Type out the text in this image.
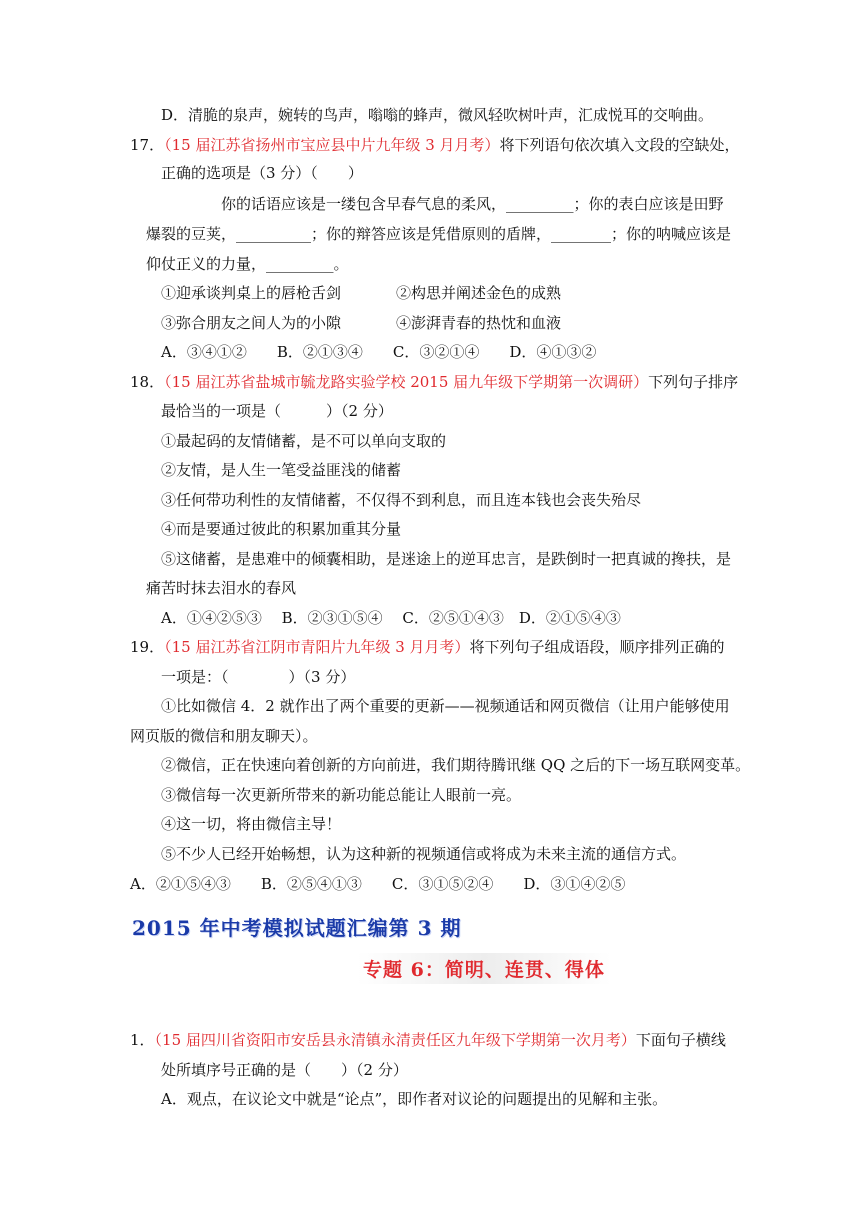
D．清脆的泉声，婉转的鸟声，嗡嗡的蜂声，微风轻吹树叶声，汇成悦耳的交响曲。
17．（15 届江苏省扬州市宝应县中片九年级 3 月月考）将下列语句依次填入文段的空缺处，
正确的选项是（3 分）（　　）
你的话语应该是一缕包含早春气息的柔风，_________；你的表白应该是田野
爆裂的豆荚，__________；你的辩答应该是凭借原则的盾牌，________；你的呐喊应该是
仰仗正义的力量，_________。
①迎承谈判桌上的唇枪舌剑	②构思并阐述金色的成熟
③弥合朋友之间人为的小隙	④澎湃青春的热忱和血液
A．③④①②　　B．②①③④　　C．③②①④　　D．④①③②
18．（15 届江苏省盐城市毓龙路实验学校 2015 届九年级下学期第一次调研）下列句子排序
最恰当的一项是（　　　）（2 分）
①最起码的友情储蓄，是不可以单向支取的
②友情，是人生一笔受益匪浅的储蓄
③任何带功利性的友情储蓄，不仅得不到利息，而且连本钱也会丧失殆尽
④而是要通过彼此的积累加重其分量
⑤这储蓄，是患难中的倾囊相助，是迷途上的逆耳忠言，是跌倒时一把真诚的搀扶，是
痛苦时抹去泪水的春风
A．①④②⑤③　 B．②③①⑤④　 C．②⑤①④③　D．②①⑤④③
19．（15 届江苏省江阴市青阳片九年级 3 月月考）将下列句子组成语段，顺序排列正确的
一项是：（　　　　）（3 分）
①比如微信 4．2 就作出了两个重要的更新——视频通话和网页微信（让用户能够使用
网页版的微信和朋友聊天）。
②微信，正在快速向着创新的方向前进，我们期待腾讯继 QQ 之后的下一场互联网变革。
③微信每一次更新所带来的新功能总能让人眼前一亮。
④这一切，将由微信主导！
⑤不少人已经开始畅想，认为这种新的视频通信或将成为未来主流的通信方式。
A．②①⑤④③　　B．②⑤④①③　　C．③①⑤②④　　D．③①④②⑤
2015 年中考模拟试题汇编第 3 期
专题 6：简明、连贯、得体
1．（15 届四川省资阳市安岳县永清镇永清责任区九年级下学期第一次月考）下面句子横线
处所填序号正确的是（　　）（2 分）
A．观点，在议论文中就是“论点”，即作者对议论的问题提出的见解和主张。
